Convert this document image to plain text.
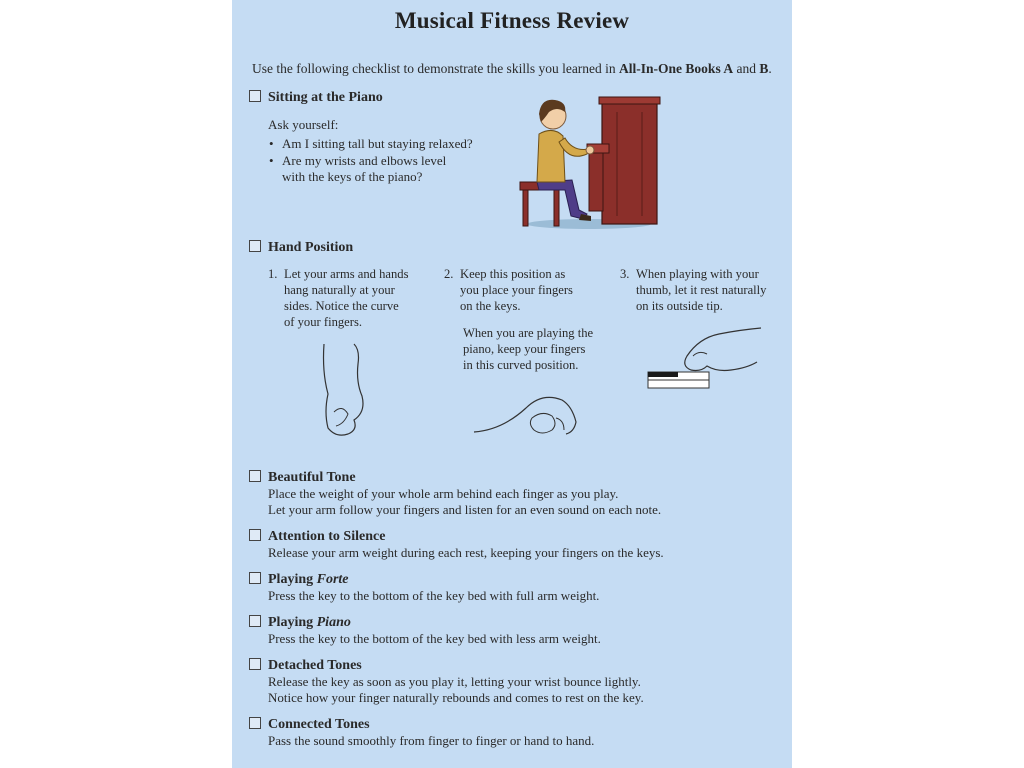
Musical Fitness Review
Use the following checklist to demonstrate the skills you learned in All-In-One Books A and B.
Sitting at the Piano
Ask yourself:
• Am I sitting tall but staying relaxed?
• Are my wrists and elbows level
with the keys of the piano?
Hand Position
1. Let your arms and hands
hang naturally at your
sides. Notice the curve
of your fingers.
2. Keep this position as
you place your fingers
on the keys.
When you are playing the
piano, keep your fingers
in this curved position.
3. When playing with your
thumb, let it rest naturally
on its outside tip.
Beautiful Tone
Place the weight of your whole arm behind each finger as you play.
Let your arm follow your fingers and listen for an even sound on each note.
Attention to Silence
Release your arm weight during each rest, keeping your fingers on the keys.
Playing Forte
Press the key to the bottom of the key bed with full arm weight.
Playing Piano
Press the key to the bottom of the key bed with less arm weight.
Detached Tones
Release the key as soon as you play it, letting your wrist bounce lightly.
Notice how your finger naturally rebounds and comes to rest on the key.
Connected Tones
Pass the sound smoothly from finger to finger or hand to hand.
